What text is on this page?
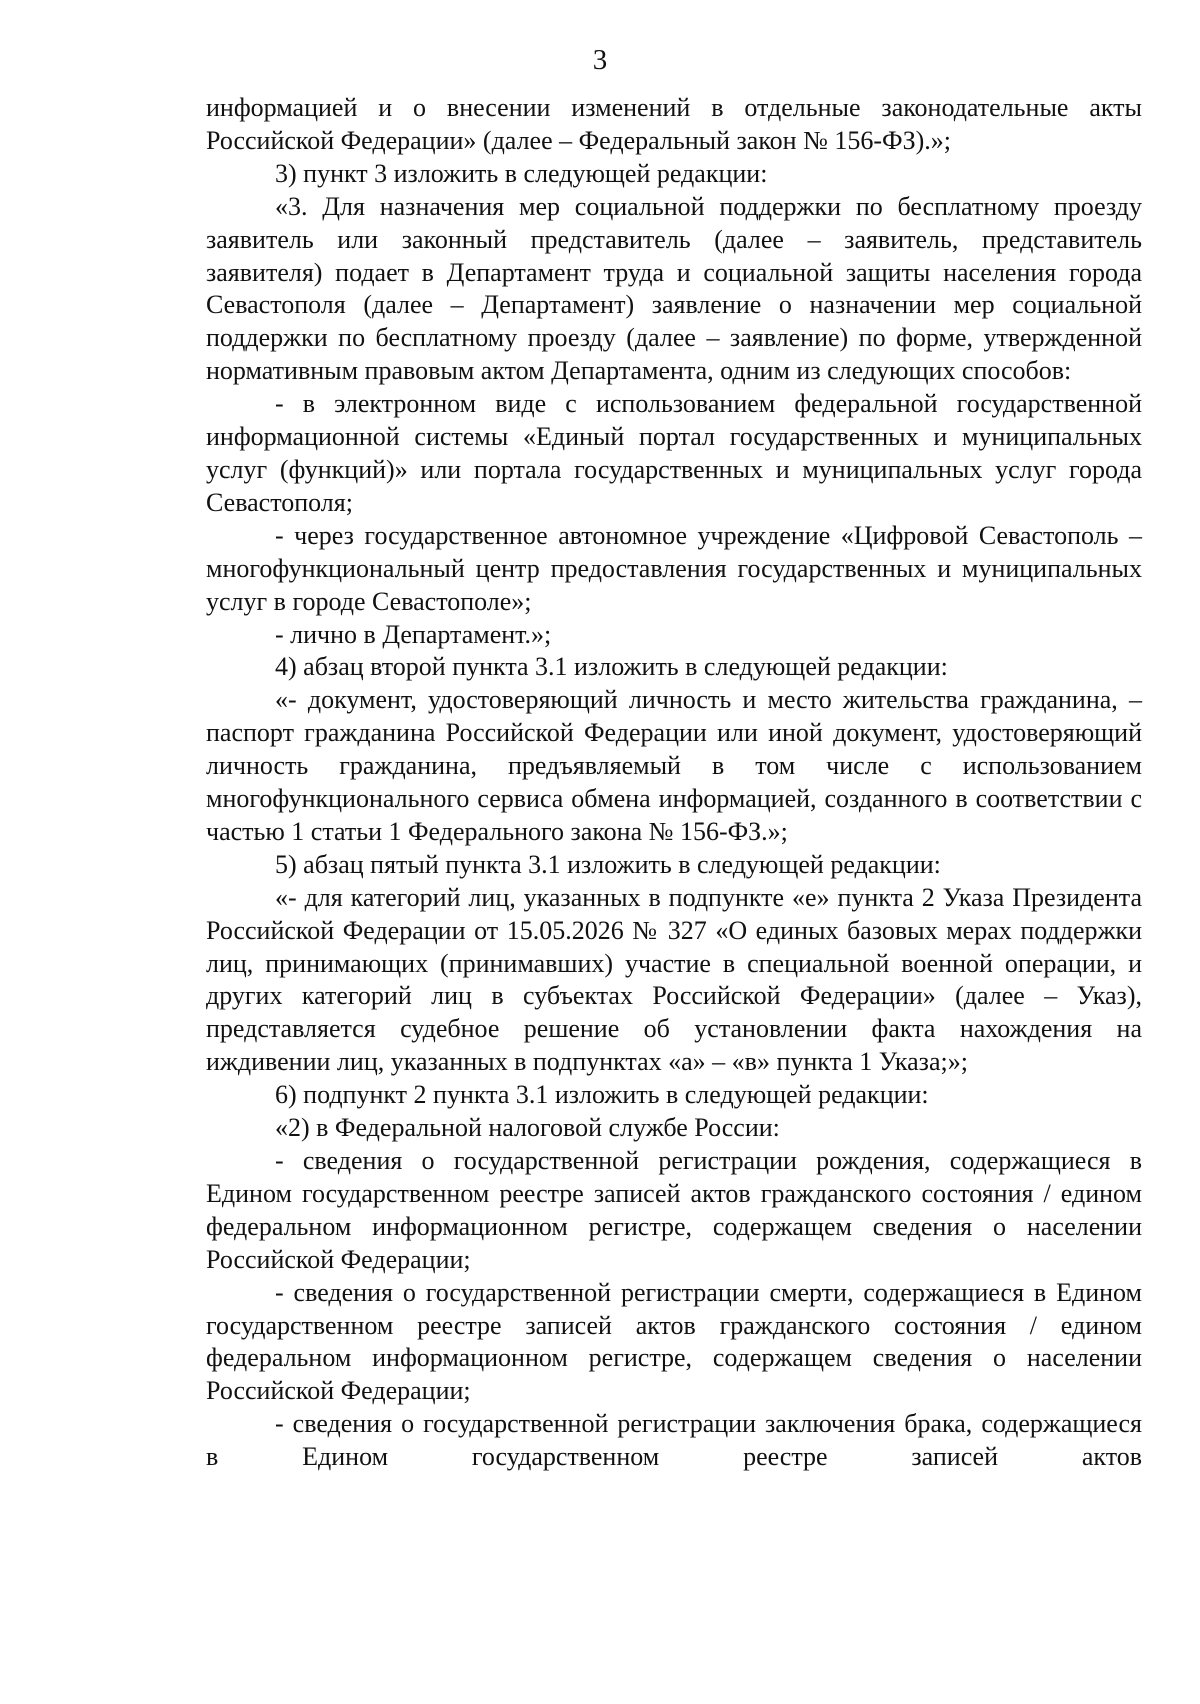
3

информацией и о внесении изменений в отдельные законодательные акты Российской Федерации» (далее – Федеральный закон № 156-ФЗ).»;

3) пункт 3 изложить в следующей редакции:

«3. Для назначения мер социальной поддержки по бесплатному проезду заявитель или законный представитель (далее – заявитель, представитель заявителя) подает в Департамент труда и социальной защиты населения города Севастополя (далее – Департамент) заявление о назначении мер социальной поддержки по бесплатному проезду (далее – заявление) по форме, утвержденной нормативным правовым актом Департамента, одним из следующих способов:

- в электронном виде с использованием федеральной государственной информационной системы «Единый портал государственных и муниципальных услуг (функций)» или портала государственных и муниципальных услуг города Севастополя;

- через государственное автономное учреждение «Цифровой Севастополь – многофункциональный центр предоставления государственных и муниципальных услуг в городе Севастополе»;

- лично в Департамент.»;

4) абзац второй пункта 3.1 изложить в следующей редакции:

«- документ, удостоверяющий личность и место жительства гражданина, – паспорт гражданина Российской Федерации или иной документ, удостоверяющий личность гражданина, предъявляемый в том числе с использованием многофункционального сервиса обмена информацией, созданного в соответствии с частью 1 статьи 1 Федерального закона № 156-ФЗ.»;

5) абзац пятый пункта 3.1 изложить в следующей редакции:

«- для категорий лиц, указанных в подпункте «е» пункта 2 Указа Президента Российской Федерации от 15.05.2026 № 327 «О единых базовых мерах поддержки лиц, принимающих (принимавших) участие в специальной военной операции, и других категорий лиц в субъектах Российской Федерации» (далее – Указ), представляется судебное решение об установлении факта нахождения на иждивении лиц, указанных в подпунктах «а» – «в» пункта 1 Указа;»;

6) подпункт 2 пункта 3.1 изложить в следующей редакции:

«2) в Федеральной налоговой службе России:

- сведения о государственной регистрации рождения, содержащиеся в Едином государственном реестре записей актов гражданского состояния / едином федеральном информационном регистре, содержащем сведения о населении Российской Федерации;

- сведения о государственной регистрации смерти, содержащиеся в Едином государственном реестре записей актов гражданского состояния / едином федеральном информационном регистре, содержащем сведения о населении Российской Федерации;

- сведения о государственной регистрации заключения брака, содержащиеся в Едином государственном реестре записей актов
